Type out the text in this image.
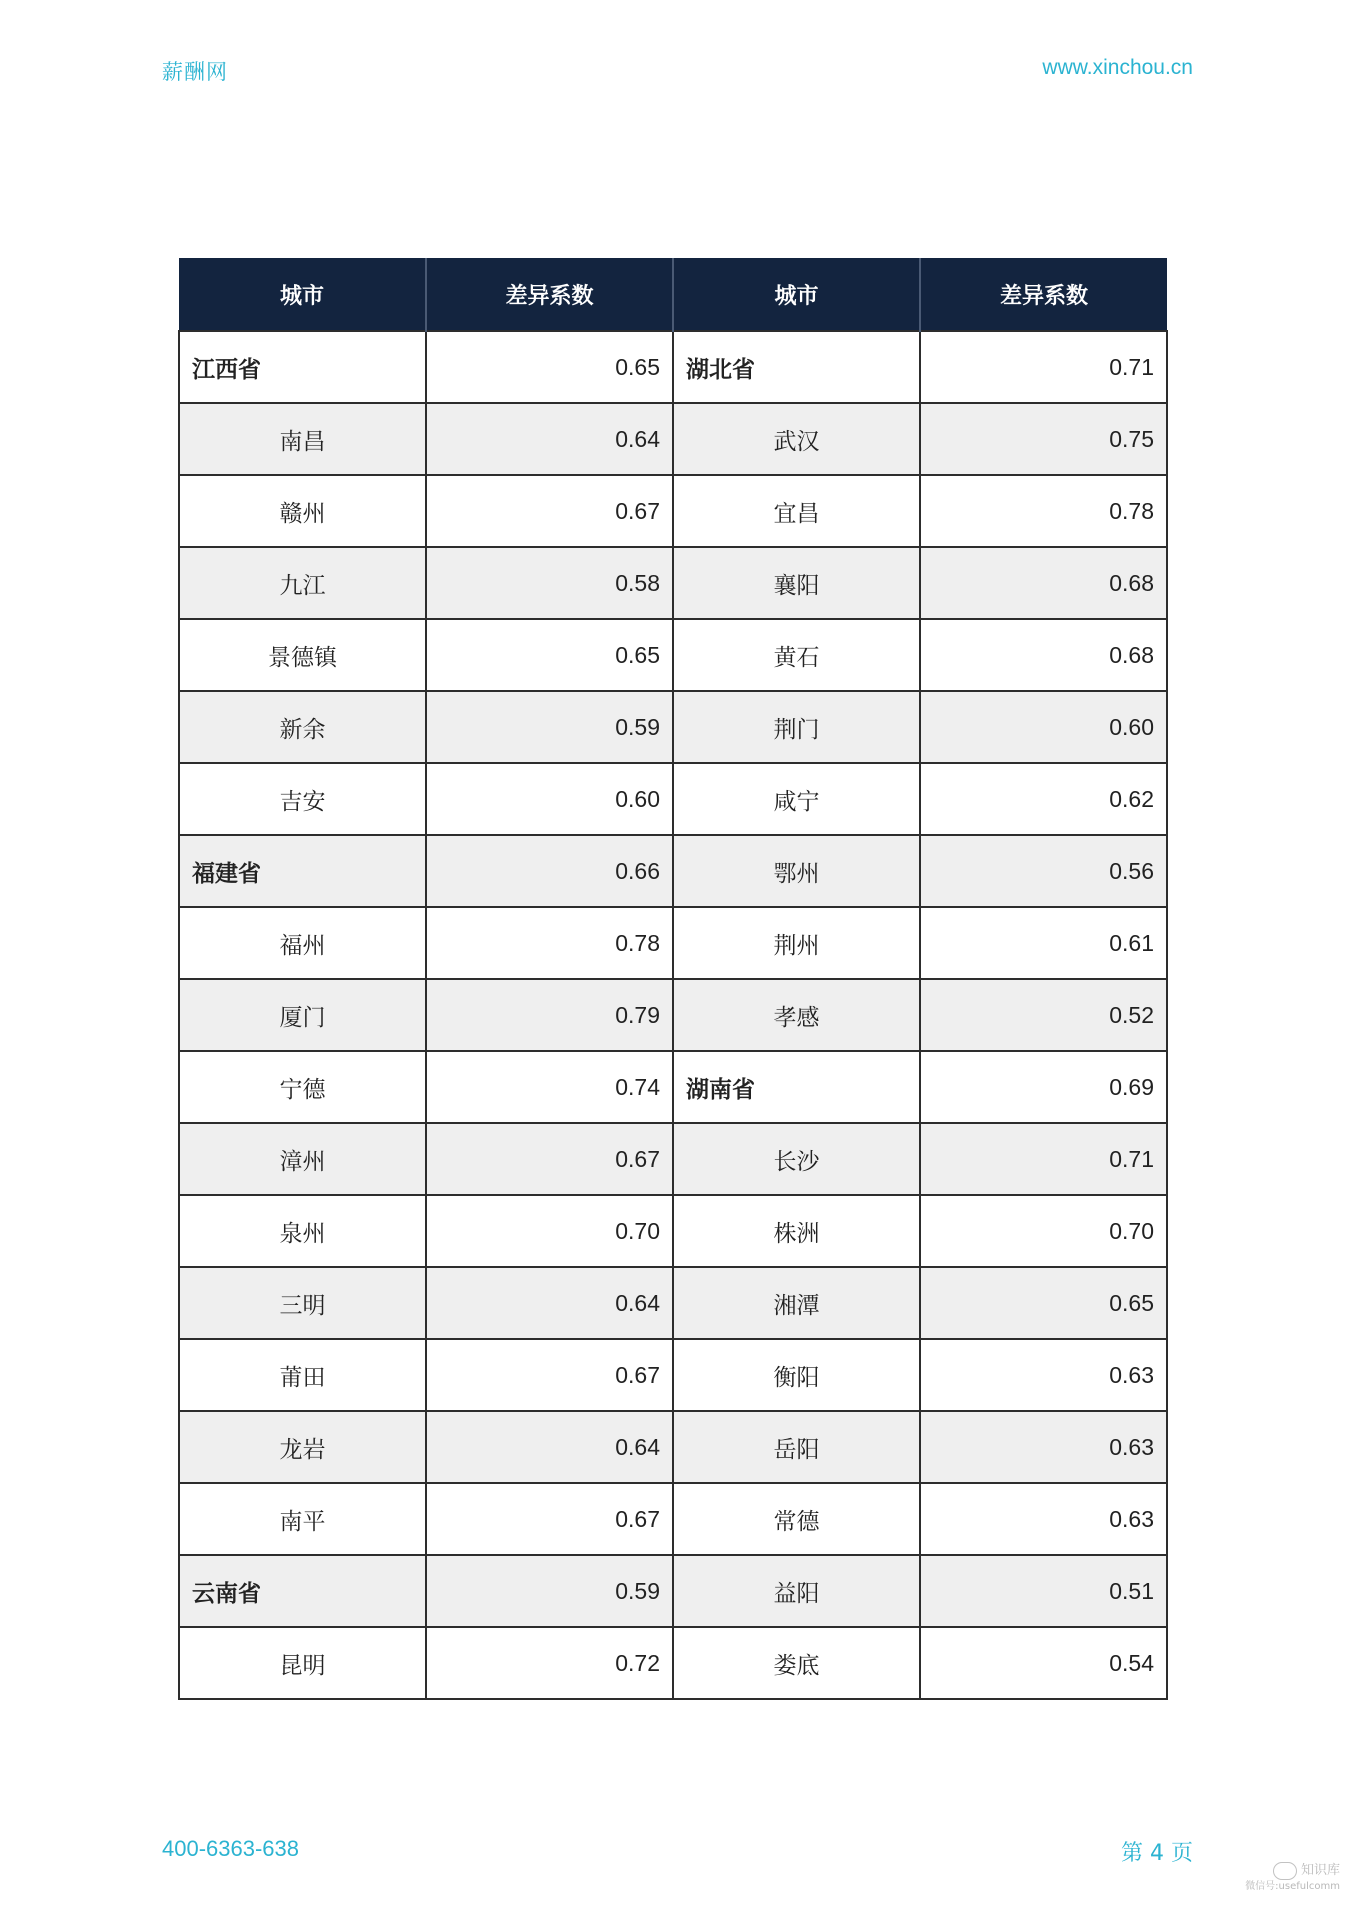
薪酬网	www.xinchou.cn
城市	差异系数	城市	差异系数
江西省	0.65	湖北省	0.71
南昌	0.64	武汉	0.75
赣州	0.67	宜昌	0.78
九江	0.58	襄阳	0.68
景德镇	0.65	黄石	0.68
新余	0.59	荆门	0.60
吉安	0.60	咸宁	0.62
福建省	0.66	鄂州	0.56
福州	0.78	荆州	0.61
厦门	0.79	孝感	0.52
宁德	0.74	湖南省	0.69
漳州	0.67	长沙	0.71
泉州	0.70	株洲	0.70
三明	0.64	湘潭	0.65
莆田	0.67	衡阳	0.63
龙岩	0.64	岳阳	0.63
南平	0.67	常德	0.63
云南省	0.59	益阳	0.51
昆明	0.72	娄底	0.54
400-6363-638	第 4 页
知识库
微信号:usefulcomm
